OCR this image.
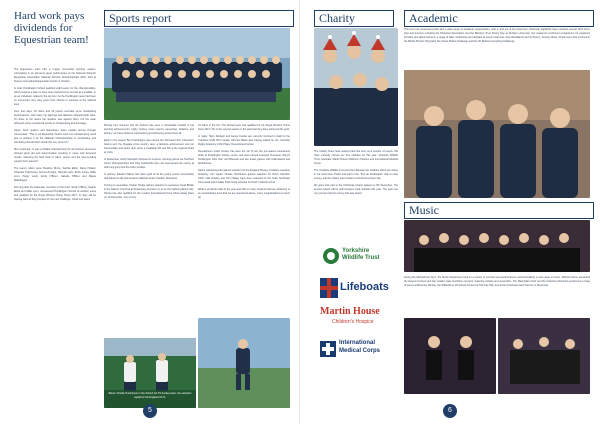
Hard work pays dividends for Equestrian team!

The Equestrian team had a hugely successful sporting season, culminating in an all-round great performance at the National Schools' Equestrian Association National Schools Championships 2016, held at Keysoe International Equestrian Centre in October.

In total, Pocklington School qualified eight teams for the championships, which requires a team to have been placed first or second at a qualifier, or as an individual, ranked in the top four. As the Pocklington team had been so successful, they were given their chance to compete at the national level.

Over four days, 18 riders and 18 ponies recorded some outstanding performances, with many top placings and fabulous championship rides. On three of the teams the weather was against them, but the team achieved some exceptional results in showjumping and dressage.

Upper Sixth student and Equestrian Team captain Emma Pursglo commented: "This is our Equestrian Team's best ever showjumping result and to achieve it at the National Championships is outstanding and something that all riders should be very proud of."

She continued: "It was a brilliant championship for all involved. Everyone showed great grit and determination resulting in some well deserved results, reflecting the hard work of riders, ponies and the never-ending support from parents!"

The team's riders were: Beatrice Burns, Sophia Elliott, Daisy Pollard, Charlotte Hutchinson, Emma Pursglo, Hannah Lofts, Emily Jones, Millie Lyon, Poppy Lamb, Emily O'Brien, Isabelle O'Brien and Maisie Waddington.

Not long after the Nationals, members of the team, Emily O'Brien, Sophie Elliott and Millie Lyon, represented Pocklington School at another event and qualified for the Royal Windsor Horse Show 2017, so they will be training hard as they prepare for the next challenge. Good luck team!

Sports report

Moving from Summer into the Autumn has seen a remarkable breadth of top sporting achievements, rugby, hockey, cross country, equestrian, athletics, and archery, we have students representing and achieving across them all.

Early in the season Ben Pocklington was named the 'Dominant Run Champion' having won the Ryegate cross country race, a fabulous achievement and our intermediate and senior girls came a creditable 5th and 6th in the regional finals at U14s.

In September, Emily Marshall continued to impress, winning gold at the Northern Junior Championships and Ocie Goldsmiths has now represented the county at both long jump and the 100m hurdles.

In archery, Edward Wilson has taken gold at all the year's events successfully defending his title and became National Junior Outdoor Champion.

Turning to equestrian, Harriet Hodge gained selection to represent Great Britain in the Nations Cup final at Rosenborg and went on to be the highest placed rider. Harriet has also qualified for the London International Horse Show taking place on 19 December, one of only

24 riders in the UK. The School team has qualified for the Royal Windsor Horse show 2017; this is the second season in the past that they have achieved this goal.

In rugby, Harry Rodwell and James Coulter are currently involved in trials for the Yorkshire U18s RFU squad, with Ed Walsh also having trialled for the Yorkshire Rugby Academy U16s Player Development Group.

Development under hockey has seen the 1st XI win the pre-season tournament down at Pocklington hockey centre, and were named Leicester Overseas, Daryl's Pocklington Girls Hub, and Bluestar and two draws games with Collinswood and Woodhouse.

Naomi Gardening has gained selection for the England Hockey Yorkshire selection Academy U17 squad. Charlie Hutchinson gained selection for North Yorkshire U15s. Ollie Rowley and Tom Hasley have been selected for the Team Northeast U14 squad and Freddie Fritts being selected for North Yorkshire U14s.

What a wonderful start to the year and with so many students that are achieving to an extraordinary level that we are mentioned above, many congratulations to them all.

Below: Charlie Hutchinson in the School 1st XV hockey team, the selection squad for the England U17s.
5
Charity

The Charity Team have worked hard this term on a number of events. We have currently chosen our four charities for this year: Yorkshire Wildlife Trust, Lifeboats, Martin House Children's Hospice and International Medical Corps.

The Yorkshire Wildlife Trust and the Lifeboats are charities which are active in our local area. Pupils took part in the 'Tour de Pocklington' rally to raise money, and the charity team hosted a Christmas jumper day.

All years took part in the Christmas jumper appeal on 9th December. The amount raised will be split between local charities this year. The team are very proud of all the money that was raised.

Yorkshire Wildlife Trust
Lifeboats
Martin House
Children's Hospice
International
Medical Corps
Academic

This term has presented pupils with a wide range of academic opportunities, both in and out of the classroom. Particular highlights have included several Sixth Form trips and lectures including the Historical Association and the Bishop's Trust Poetry Day at Durham University. Our academic enrichment programme for academic scholars and gifted learners: a range of talks, workshops and debates at Leeds Grammar, New Woodlands and St Peter's, among others. Pupils were also involved in the British Physics Olympiad, the Senior Maths Challenge and the UK Bebras Computing Challenge.

Music

During the Michaelmas Term, the Music Department took on a variety of concerts and performances accommodating a vast range of music. Michael Carne presented the Autumn Concert and two smaller scale lunchtime concerts, featuring soloists and ensembles. The Maximilian Choir and the Chamber Orchestra performed a range of pieces at Beverley Minster, the Wilberforce Christmas Concert at Hull City Hall, and at the Christmas Carol Service in December.

6
